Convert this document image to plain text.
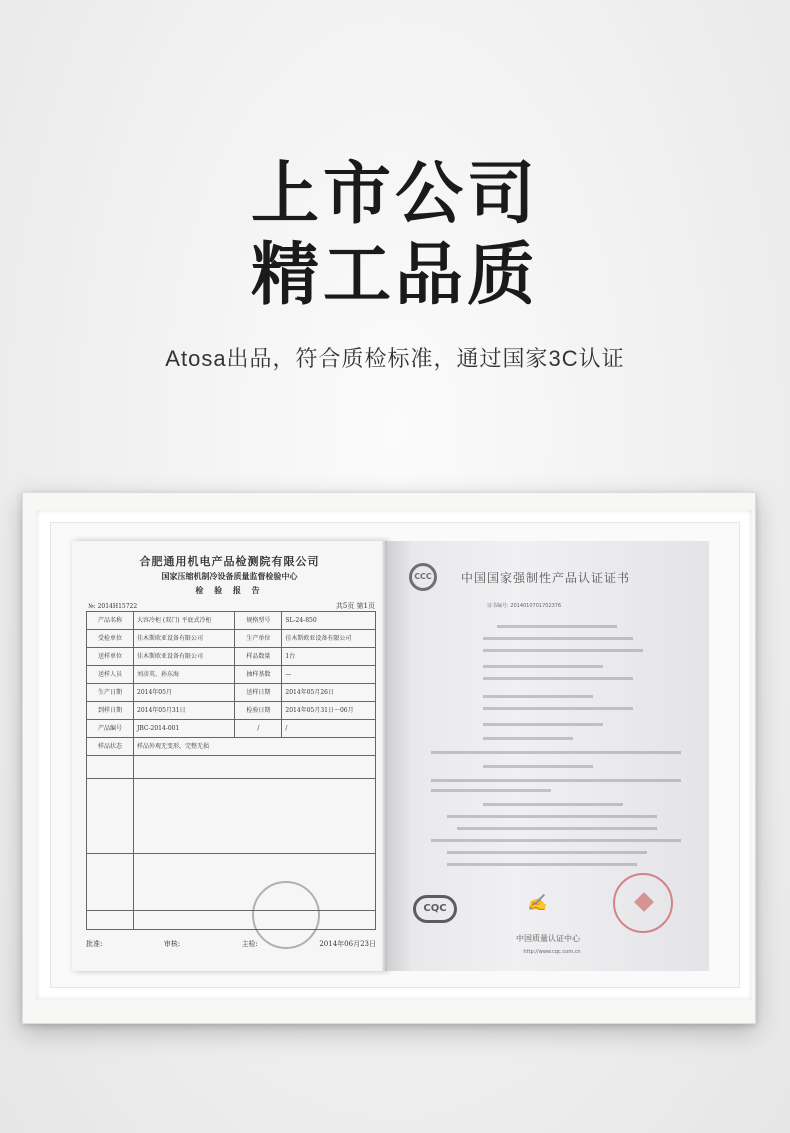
上市公司
精工品质
Atosa出品，符合质检标准，通过国家3C认证
合肥通用机电产品检测院有限公司
国家压缩机制冷设备质量监督检验中心
检 验 报 告
№: 2014H15722	共5页 第1页
产品名称	大容冷柜 (双门) 平底式冷柜	规格型号	SL-24-850
受检单位	佳木斯欧亚设备有限公司	生产单位	佳木斯欧亚设备有限公司
送样单位	佳木斯欧亚设备有限公司	样品数量	1台
送样人员	刘彦英、孙东海	抽样基数	—
生产日期	2014年05月	送样日期	2014年05月26日
到样日期	2014年05月31日	检验日期	2014年05月31日～06月
产品编号	JBC-2014-001	/	/
样品状态	样品外观无变形，完整无损		

批准:	审核:	主检:	2014年06月23日
CCC	中国国家强制性产品认证证书
证书编号: 2014010701702376
CQC	✍
中国质量认证中心
http://www.cqc.com.cn
